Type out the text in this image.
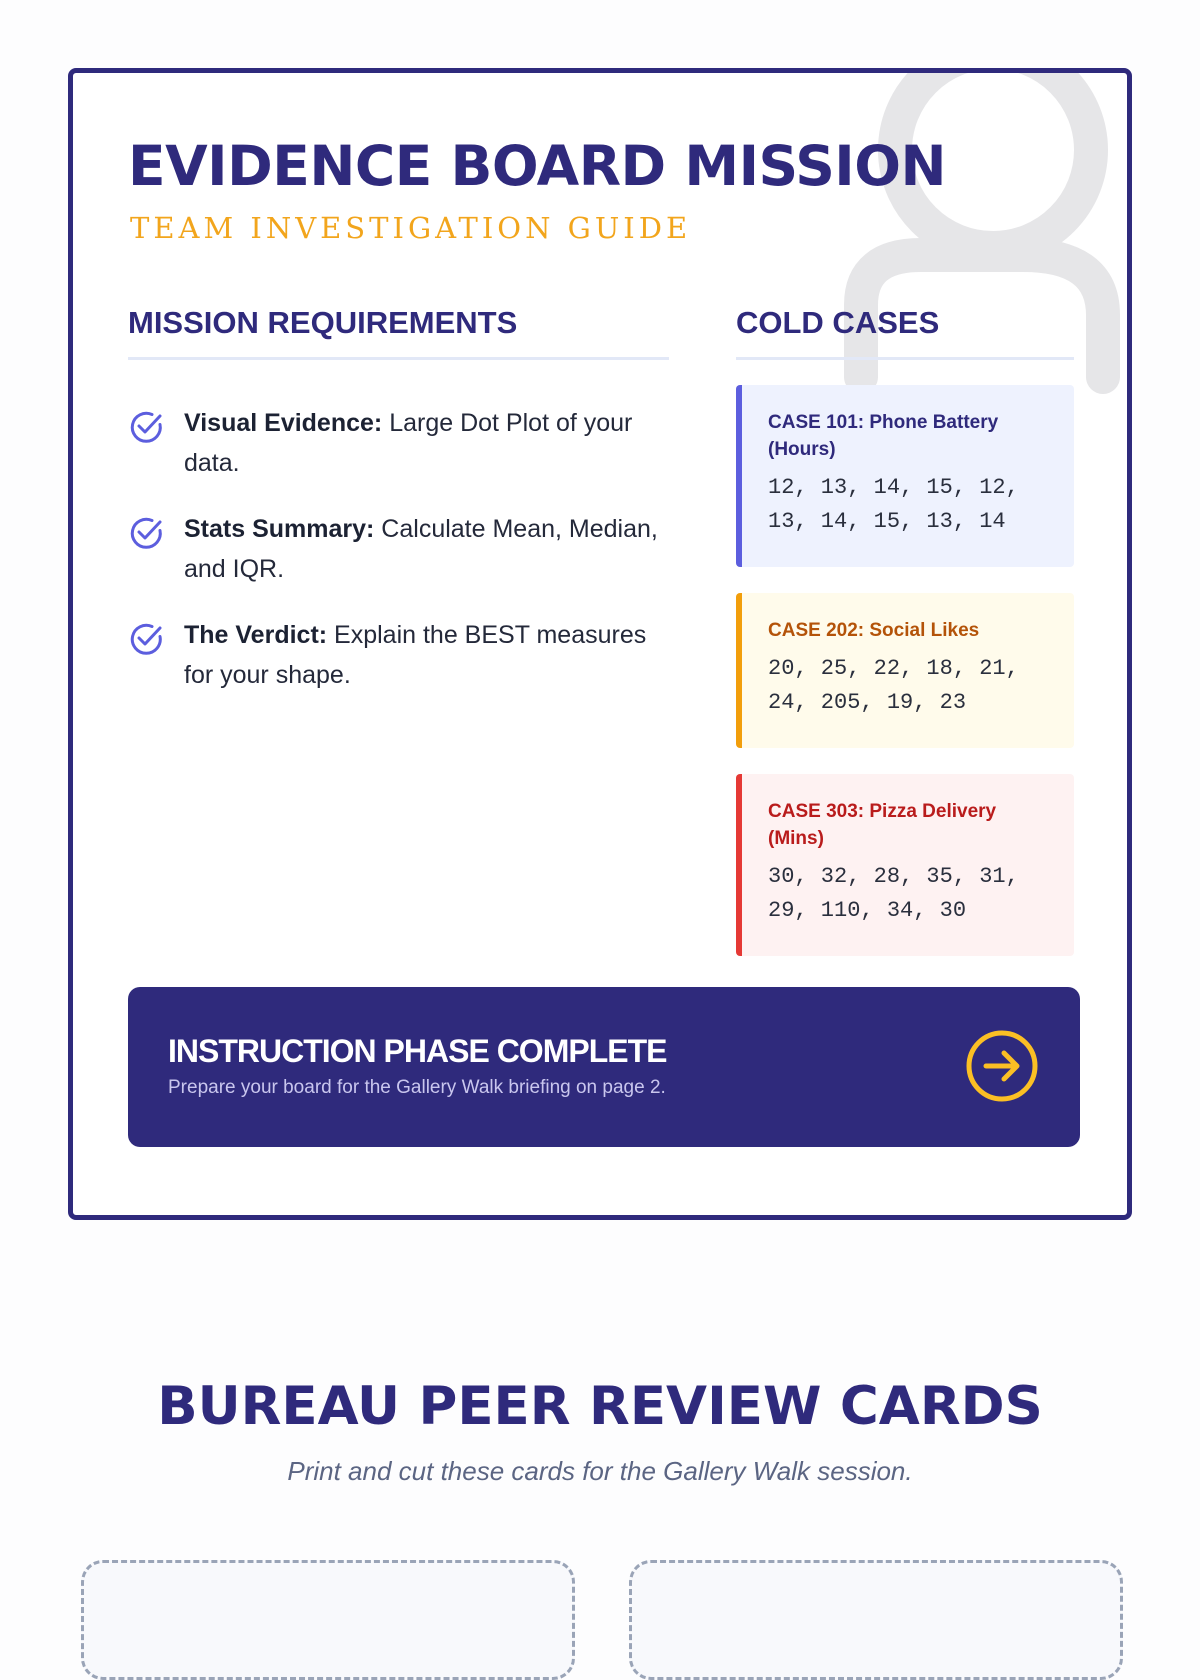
EVIDENCE BOARD MISSION
TEAM INVESTIGATION GUIDE
MISSION REQUIREMENTS
Visual Evidence: Large Dot Plot of your data.
Stats Summary: Calculate Mean, Median, and IQR.
The Verdict: Explain the BEST measures for your shape.
COLD CASES
CASE 101: Phone Battery (Hours)
12, 13, 14, 15, 12, 13, 14, 15, 13, 14
CASE 202: Social Likes
20, 25, 22, 18, 21, 24, 205, 19, 23
CASE 303: Pizza Delivery (Mins)
30, 32, 28, 35, 31, 29, 110, 34, 30
INSTRUCTION PHASE COMPLETE
Prepare your board for the Gallery Walk briefing on page 2.
BUREAU PEER REVIEW CARDS
Print and cut these cards for the Gallery Walk session.
